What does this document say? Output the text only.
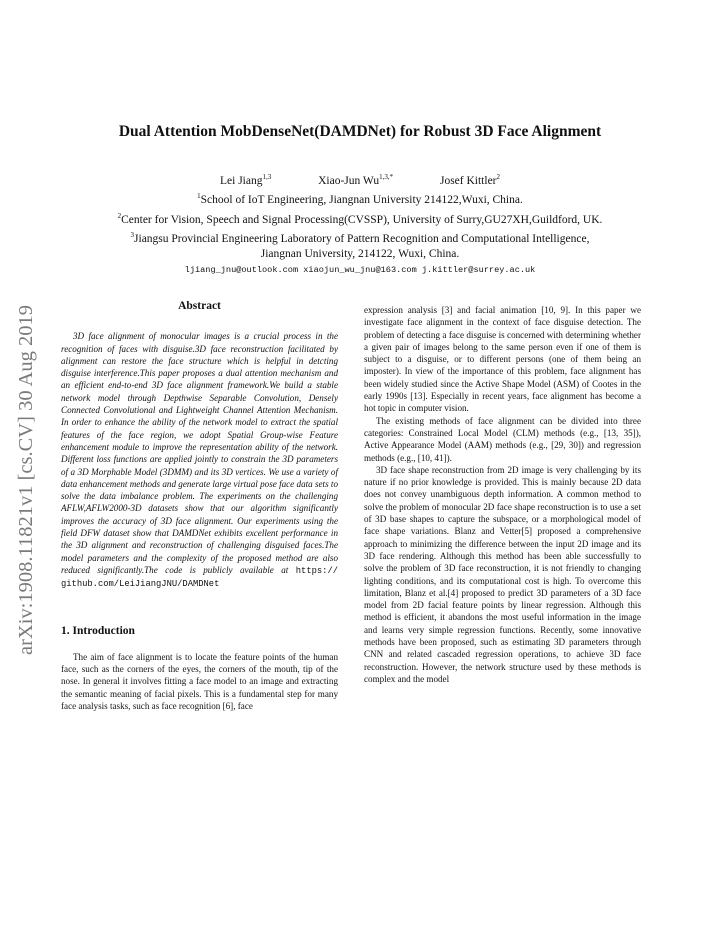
arXiv:1908.11821v1 [cs.CV] 30 Aug 2019
Dual Attention MobDenseNet(DAMDNet) for Robust 3D Face Alignment
Lei Jiang$^{1,3}$	Xiao-Jun $Wu^{1,3,*}$	Josef Kittler$^2$
$^1$School of IoT Engineering, Jiangnan University 214122,Wuxi, China.
$^2$Center for Vision, Speech and Signal Processing(CVSSP), University of Surry,GU27XH,Guildford, UK.
$^3$Jiangsu Provincial Engineering Laboratory of Pattern Recognition and Computational Intelligence,
Jiangnan University, 214122, Wuxi, China.
ljiang_jnu@outlook.com xiaojun_wu_jnu@163.com j.kittler@surrey.ac.uk
Abstract

3D face alignment of monocular images is a crucial process in the recognition of faces with disguise.3D face reconstruction facilitated by alignment can restore the face structure which is helpful in detcting disguise interference.This paper proposes a dual attention mechanism and an efficient end-to-end 3D face alignment framework.We build a stable network model through Depthwise Separable Convolution, Densely Connected Convolutional and Lightweight Channel Attention Mechanism. In order to enhance the ability of the network model to extract the spatial features of the face region, we adopt Spatial Group-wise Feature enhancement module to improve the representation ability of the network. Different loss functions are applied jointly to constrain the 3D parameters of a 3D Morphable Model (3DMM) and its 3D vertices. We use a variety of data enhancement methods and generate large virtual pose face data sets to solve the data imbalance problem. The experiments on the challenging AFLW,AFLW2000-3D datasets show that our algorithm significantly improves the accuracy of 3D face alignment. Our experiments using the field DFW dataset show that DAMDNet exhibits excellent performance in the 3D alignment and reconstruction of challenging disguised faces.The model parameters and the complexity of the proposed method are also reduced significantly.The code is publicly available at https:// github.com/LeiJiangJNU/DAMDNet

1. Introduction

The aim of face alignment is to locate the feature points of the human face, such as the corners of the eyes, the corners of the mouth, tip of the nose. In general it involves fitting a face model to an image and extracting the semantic meaning of facial pixels. This is a fundamental step for many face analysis tasks, such as face recognition [6], face

expression analysis [3] and facial animation [10, 9]. In this paper we investigate face alignment in the context of face disguise detection. The problem of detecting a face disguise is concerned with determining whether a given pair of images belong to the same person even if one of them is subject to a disguise, or to different persons (one of them being an imposter). In view of the importance of this problem, face alignment has been widely studied since the Active Shape Model (ASM) of Cootes in the early 1990s [13]. Especially in recent years, face alignment has become a hot topic in computer vision.

The existing methods of face alignment can be divided into three categories: Constrained Local Model (CLM) methods (e.g., [13, 35]), Active Appearance Model (AAM) methods (e.g., [29, 30]) and regression methods (e.g., [10, 41]).

3D face shape reconstruction from 2D image is very challenging by its nature if no prior knowledge is provided. This is mainly because 2D data does not convey unambiguous depth information. A common method to solve the problem of monocular 2D face shape reconstruction is to use a set of 3D base shapes to capture the subspace, or a morphological model of face shape variations. Blanz and Vetter[5] proposed a comprehensive approach to minimizing the difference between the input 2D image and its 3D face rendering. Although this method has been able successfully to solve the problem of 3D face reconstruction, it is not friendly to changing lighting conditions, and its computational cost is high. To overcome this limitation, Blanz et al.[4] proposed to predict 3D parameters of a 3D face model from 2D facial feature points by linear regression. Although this method is efficient, it abandons the most useful information in the image and learns very simple regression functions. Recently, some innovative methods have been proposed, such as estimating 3D parameters through CNN and related cascaded regression operations, to achieve 3D face reconstruction. However, the network structure used by these methods is complex and the model
